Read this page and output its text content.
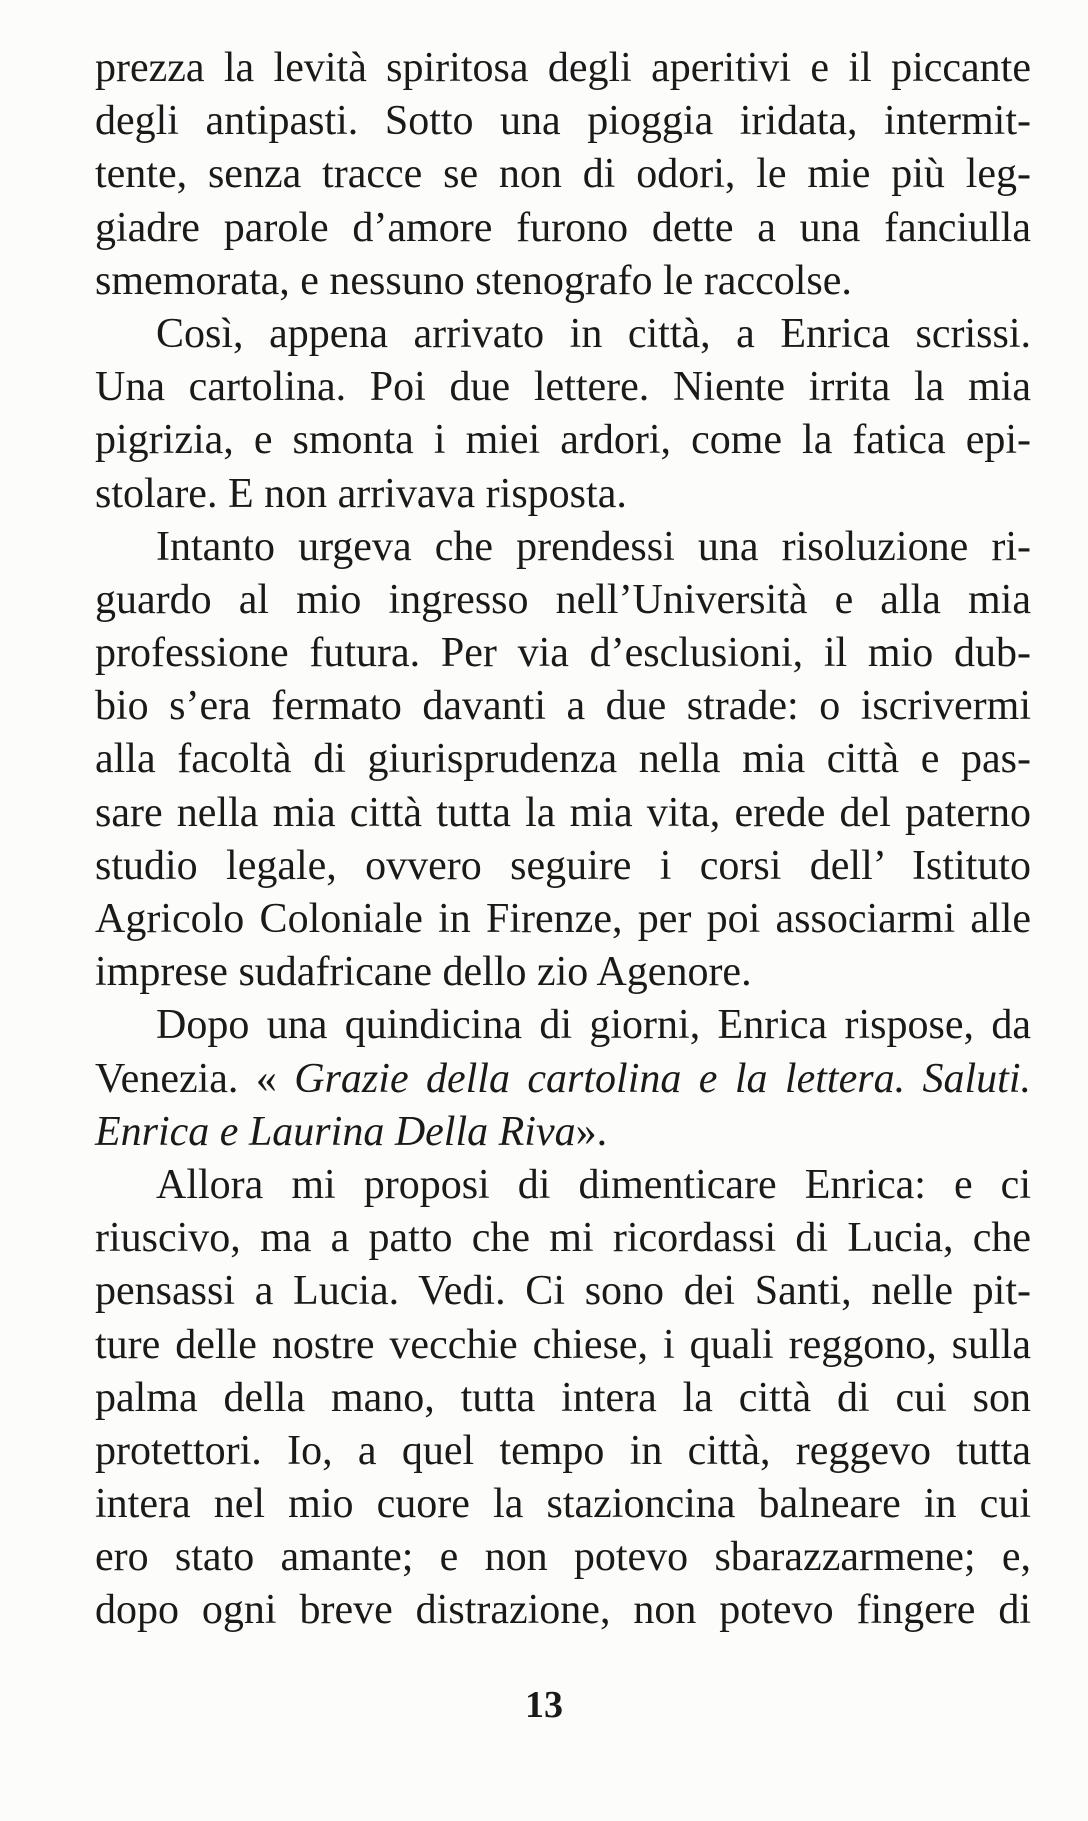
prezza la levità spiritosa degli aperitivi e il piccante
degli antipasti. Sotto una pioggia iridata, intermit-
tente, senza tracce se non di odori, le mie più leg-
giadre parole d’amore furono dette a una fanciulla
smemorata, e nessuno stenografo le raccolse.
Così, appena arrivato in città, a Enrica scrissi.
Una cartolina. Poi due lettere. Niente irrita la mia
pigrizia, e smonta i miei ardori, come la fatica epi-
stolare. E non arrivava risposta.
Intanto urgeva che prendessi una risoluzione ri-
guardo al mio ingresso nell’Università e alla mia
professione futura. Per via d’esclusioni, il mio dub-
bio s’era fermato davanti a due strade: o iscrivermi
alla facoltà di giurisprudenza nella mia città e pas-
sare nella mia città tutta la mia vita, erede del paterno
studio legale, ovvero seguire i corsi dell’ Istituto
Agricolo Coloniale in Firenze, per poi associarmi alle
imprese sudafricane dello zio Agenore.
Dopo una quindicina di giorni, Enrica rispose, da
Venezia. « Grazie della cartolina e la lettera. Saluti.
Enrica e Laurina Della Riva».
Allora mi proposi di dimenticare Enrica: e ci
riuscivo, ma a patto che mi ricordassi di Lucia, che
pensassi a Lucia. Vedi. Ci sono dei Santi, nelle pit-
ture delle nostre vecchie chiese, i quali reggono, sulla
palma della mano, tutta intera la città di cui son
protettori. Io, a quel tempo in città, reggevo tutta
intera nel mio cuore la stazioncina balneare in cui
ero stato amante; e non potevo sbarazzarmene; e,
dopo ogni breve distrazione, non potevo fingere di
13
